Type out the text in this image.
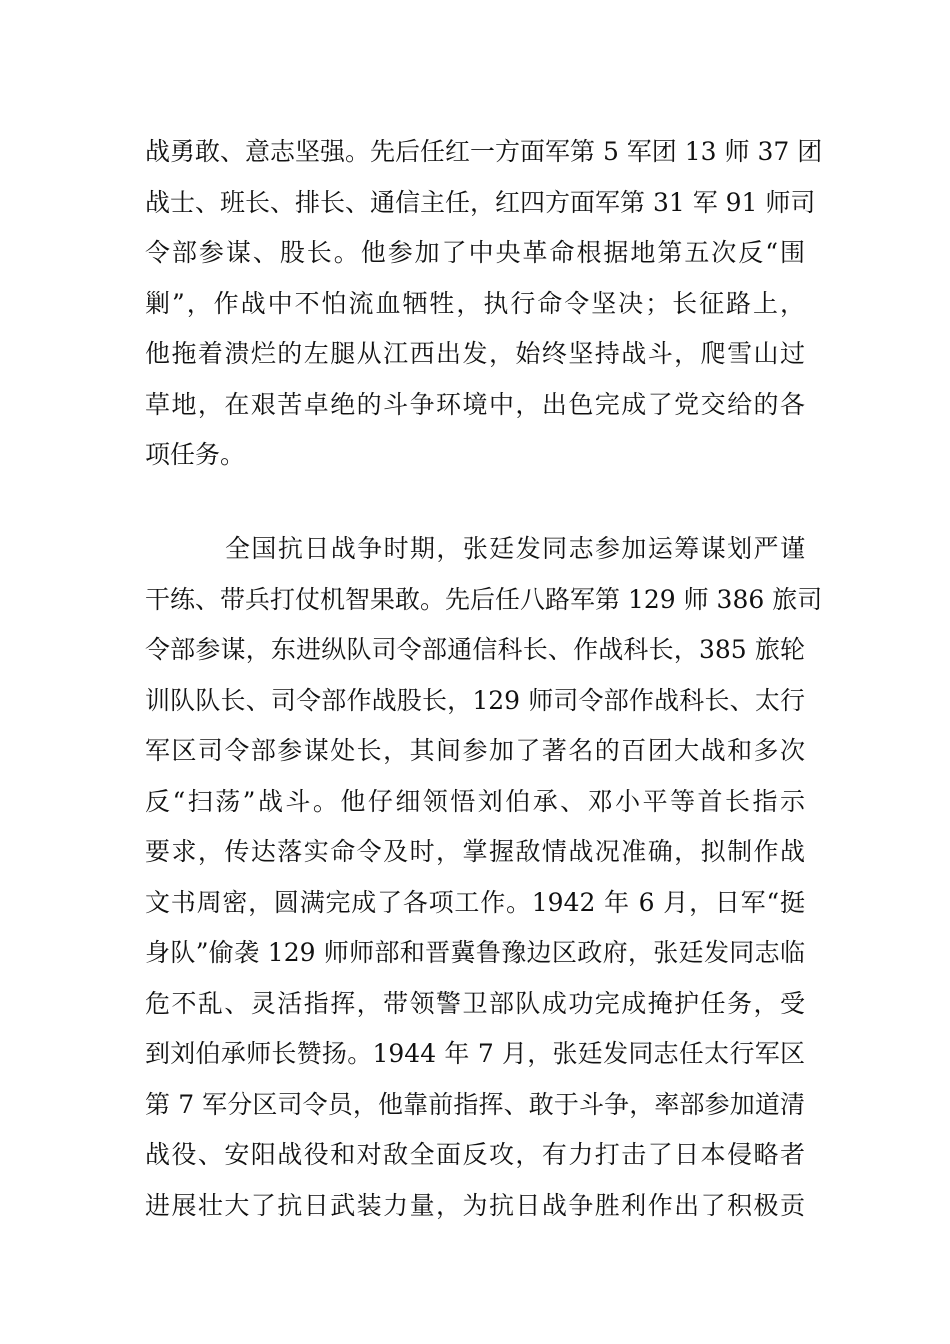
战勇敢、意志坚强。先后任红一方面军第 5 军团 13 师 37 团
战士、班长、排长、通信主任，红四方面军第 31 军 91 师司
令部参谋、股长。他参加了中央革命根据地第五次反“围
剿”，作战中不怕流血牺牲，执行命令坚决；长征路上，
他拖着溃烂的左腿从江西出发，始终坚持战斗，爬雪山过
草地，在艰苦卓绝的斗争环境中，出色完成了党交给的各
项任务。
全国抗日战争时期，张廷发同志参加运筹谋划严谨
干练、带兵打仗机智果敢。先后任八路军第 129 师 386 旅司
令部参谋，东进纵队司令部通信科长、作战科长，385 旅轮
训队队长、司令部作战股长，129 师司令部作战科长、太行
军区司令部参谋处长，其间参加了著名的百团大战和多次
反“扫荡”战斗。他仔细领悟刘伯承、邓小平等首长指示
要求，传达落实命令及时，掌握敌情战况准确，拟制作战
文书周密，圆满完成了各项工作。1942 年 6 月，日军“挺
身队”偷袭 129 师师部和晋冀鲁豫边区政府，张廷发同志临
危不乱、灵活指挥，带领警卫部队成功完成掩护任务，受
到刘伯承师长赞扬。1944 年 7 月，张廷发同志任太行军区
第 7 军分区司令员，他靠前指挥、敢于斗争，率部参加道清
战役、安阳战役和对敌全面反攻，有力打击了日本侵略者
进展壮大了抗日武装力量，为抗日战争胜利作出了积极贡
